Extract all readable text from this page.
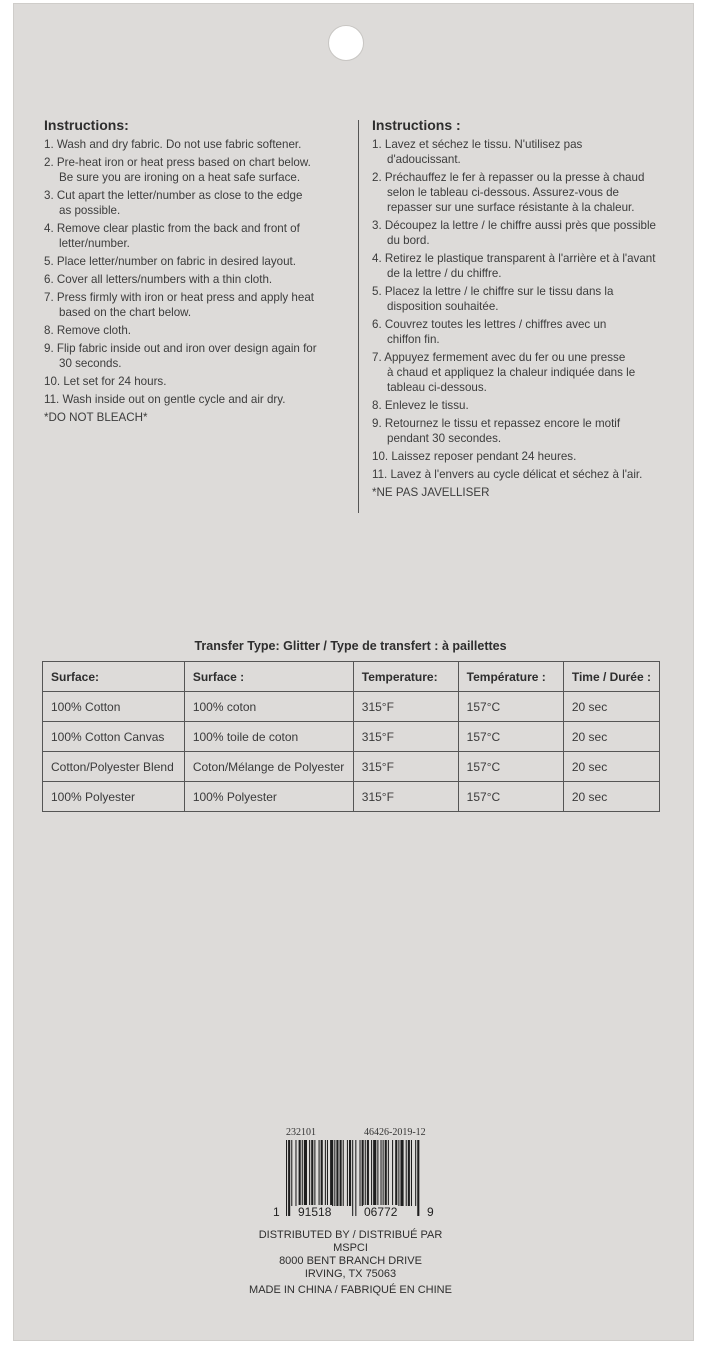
Instructions:
1. Wash and dry fabric. Do not use fabric softener.
2. Pre-heat iron or heat press based on chart below.
Be sure you are ironing on a heat safe surface.
3. Cut apart the letter/number as close to the edge
as possible.
4. Remove clear plastic from the back and front of
letter/number.
5. Place letter/number on fabric in desired layout.
6. Cover all letters/numbers with a thin cloth.
7. Press firmly with iron or heat press and apply heat
based on the chart below.
8. Remove cloth.
9. Flip fabric inside out and iron over design again for
30 seconds.
10. Let set for 24 hours.
11. Wash inside out on gentle cycle and air dry.

*DO NOT BLEACH*

Instructions :
1. Lavez et séchez le tissu. N'utilisez pas
d'adoucissant.
2. Préchauffez le fer à repasser ou la presse à chaud
selon le tableau ci-dessous. Assurez-vous de
repasser sur une surface résistante à la chaleur.
3. Découpez la lettre / le chiffre aussi près que possible
du bord.
4. Retirez le plastique transparent à l'arrière et à l'avant
de la lettre / du chiffre.
5. Placez la lettre / le chiffre sur le tissu dans la
disposition souhaitée.
6. Couvrez toutes les lettres / chiffres avec un
chiffon fin.
7. Appuyez fermement avec du fer ou une presse
à chaud et appliquez la chaleur indiquée dans le
tableau ci-dessous.
8. Enlevez le tissu.
9. Retournez le tissu et repassez encore le motif
pendant 30 secondes.
10. Laissez reposer pendant 24 heures.
11. Lavez à l'envers au cycle délicat et séchez à l'air.

*NE PAS JAVELLISER

Transfer Type: Glitter / Type de transfert : à paillettes
Surface:	Surface :	Temperature:	Température :	Time / Durée :
100% Cotton	100% coton	315°F	157°C	20 sec
100% Cotton Canvas	100% toile de coton	315°F	157°C	20 sec
Cotton/Polyester Blend	Coton/Mélange de Polyester	315°F	157°C	20 sec
100% Polyester	100% Polyester	315°F	157°C	20 sec
232101	46426-2019-12
1 91518	06772 9
DISTRIBUTED BY / DISTRIBUÉ PAR
MSPCI
8000 BENT BRANCH DRIVE
IRVING, TX 75063
MADE IN CHINA / FABRIQUÉ EN CHINE
